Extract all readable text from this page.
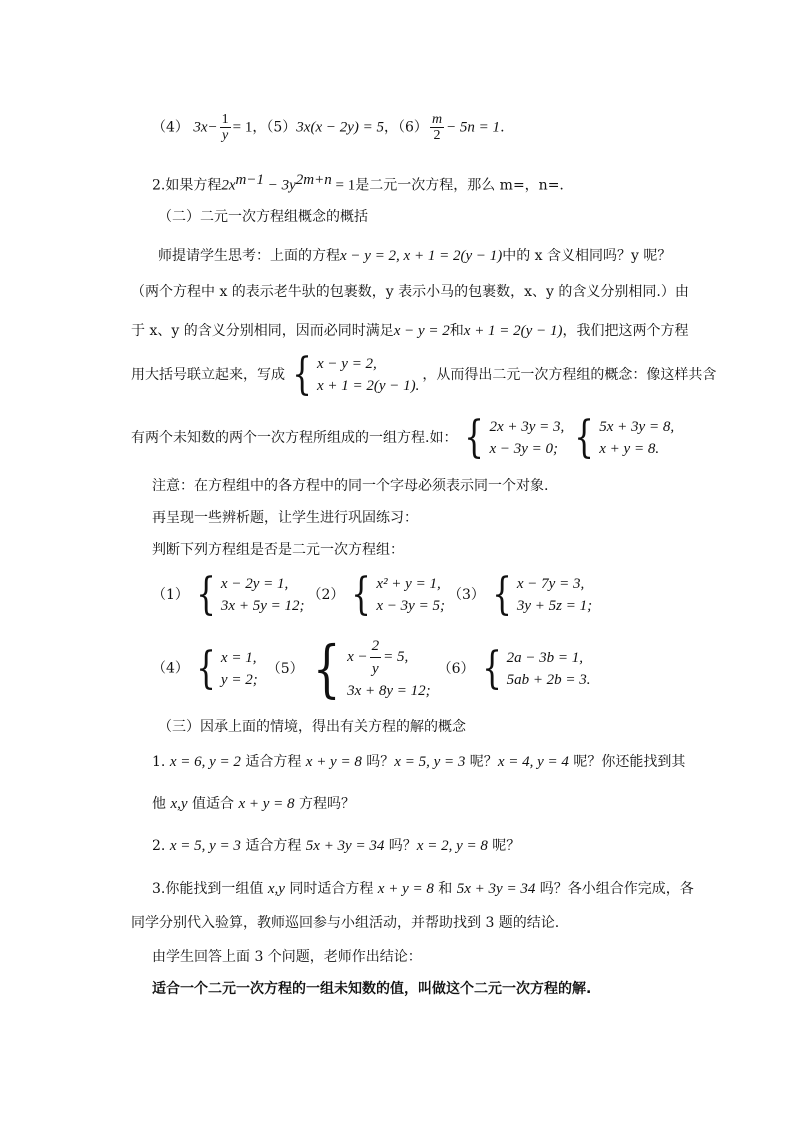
（4） $3x- \frac{1}{y} = 1$，（5）3x(x − 2y) = 5，$(6) \frac{m}{2} - 5n = 1$.
2.如果方程$2x^{m-1} - 3y^{2m+n} = 1$是二元一次方程，那么 m=，n=.
（二）二元一次方程组概念的概括
师提请学生思考：上面的方程x − y = 2, x + 1 = 2(y − 1)中的 x 含义相同吗？y 呢？
（两个方程中 x 的表示老牛驮的包裹数，y 表示小马的包裹数，x、y 的含义分别相同.）由
于 x、y 的含义分别相同，因而必同时满足x − y = 2和x + 1 = 2(y − 1)，我们把这两个方程
用大括号联立起来，写成 { x − y = 2,
x + 1 = 2(y − 1).
，从而得出二元一次方程组的概念：像这样共含
有两个未知数的两个一次方程所组成的一组方程.如： { 2x + 3y = 3,
x − 3y = 0; { 5x + 3y = 8,
x + y = 8.
注意：在方程组中的各方程中的同一个字母必须表示同一个对象.
再呈现一些辨析题，让学生进行巩固练习：
判断下列方程组是否是二元一次方程组：
（1） { x − 2y = 1,
3x + 5y = 12;
（2） { x² + y = 1,
x − 3y = 5;
（3） { x − 7y = 3,
3y + 5z = 1;
（4） { x = 1,
y = 2;
（5） { $x - \frac{2}{y} = 5$,
3x + 8y = 12;
（6） { 2a − 3b = 1,
5ab + 2b = 3.
（三）因承上面的情境，得出有关方程的解的概念
1. x = 6, y = 2 适合方程 x + y = 8 吗？x = 5, y = 3 呢？x = 4, y = 4 呢？你还能找到其
他 x,y 值适合 x + y = 8 方程吗？
2. x = 5, y = 3 适合方程 5x + 3y = 34 吗？x = 2, y = 8 呢？
3.你能找到一组值 x,y 同时适合方程 x + y = 8 和 5x + 3y = 34 吗？各小组合作完成，各
同学分别代入验算，教师巡回参与小组活动，并帮助找到 3 题的结论.
由学生回答上面 3 个问题，老师作出结论：
适合一个二元一次方程的一组未知数的值，叫做这个二元一次方程的解.
